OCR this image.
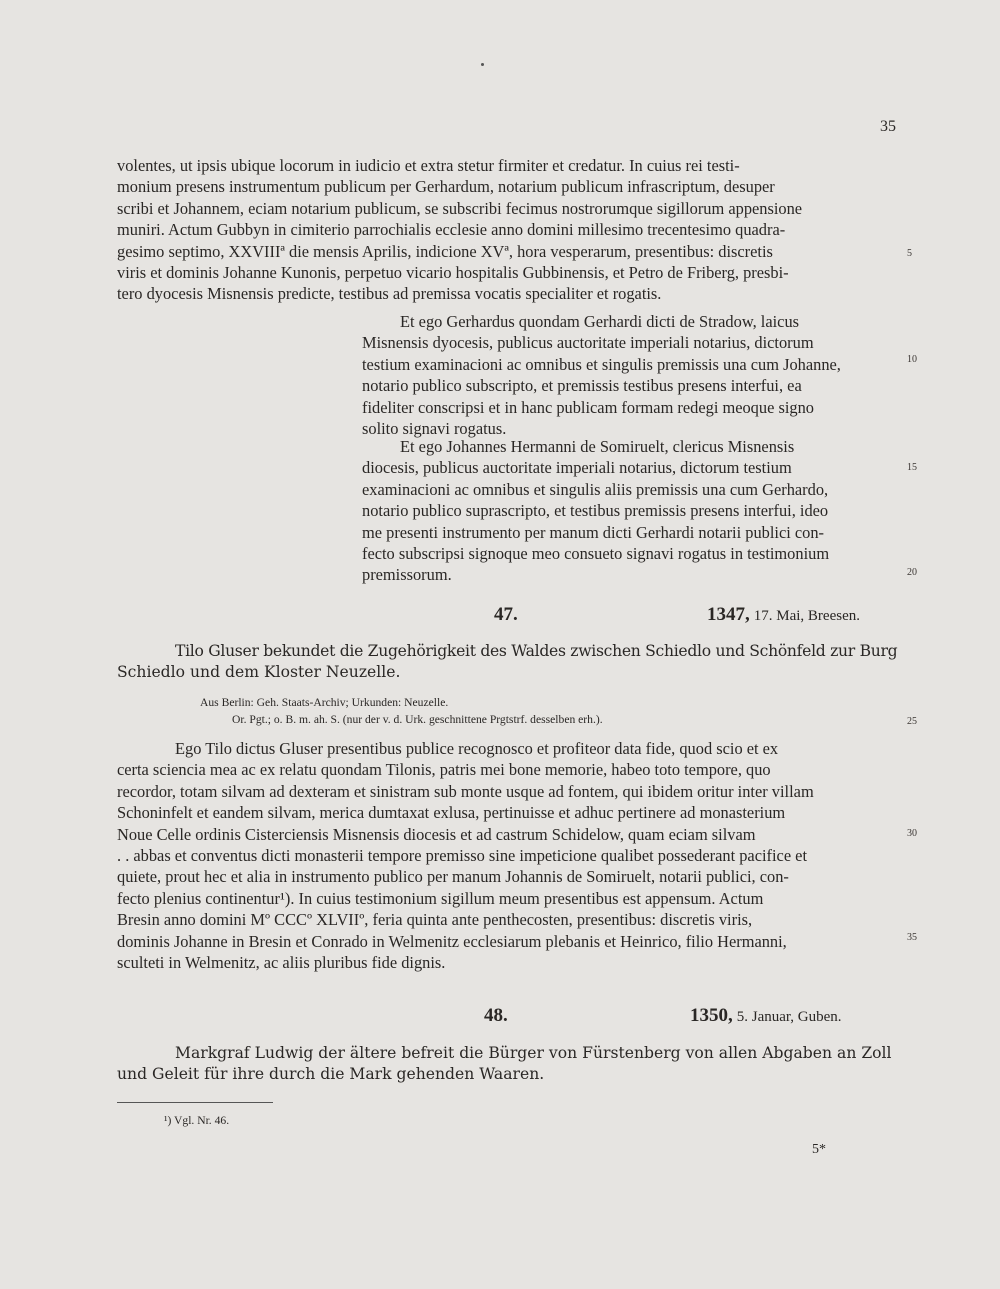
35
volentes, ut ipsis ubique locorum in iudicio et extra stetur firmiter et credatur. In cuius rei testi-
monium presens instrumentum publicum per Gerhardum, notarium publicum infrascriptum, desuper
scribi et Johannem, eciam notarium publicum, se subscribi fecimus nostrorumque sigillorum appensione
muniri. Actum Gubbyn in cimiterio parrochialis ecclesie anno domini millesimo trecentesimo quadra-
gesimo septimo, XXVIIIª die mensis Aprilis, indicione XVª, hora vesperarum, presentibus: discretis
viris et dominis Johanne Kunonis, perpetuo vicario hospitalis Gubbinensis, et Petro de Friberg, presbi-
tero dyocesis Misnensis predicte, testibus ad premissa vocatis specialiter et rogatis.
Et ego Gerhardus quondam Gerhardi dicti de Stradow, laicus
Misnensis dyocesis, publicus auctoritate imperiali notarius, dictorum
testium examinacioni ac omnibus et singulis premissis una cum Johanne,
notario publico subscripto, et premissis testibus presens interfui, ea
fideliter conscripsi et in hanc publicam formam redegi meoque signo
solito signavi rogatus.
Et ego Johannes Hermanni de Somiruelt, clericus Misnensis
diocesis, publicus auctoritate imperiali notarius, dictorum testium
examinacioni ac omnibus et singulis aliis premissis una cum Gerhardo,
notario publico suprascripto, et testibus premissis presens interfui, ideo
me presenti instrumento per manum dicti Gerhardi notarii publici con-
fecto subscripsi signoque meo consueto signavi rogatus in testimonium
premissorum.
47.	1347, 17. Mai, Breesen.
Tilo Gluser bekundet die Zugehörigkeit des Waldes zwischen Schiedlo und Schönfeld zur Burg
Schiedlo und dem Kloster Neuzelle.
Aus Berlin: Geh. Staats-Archiv; Urkunden: Neuzelle.
Or. Pgt.; o. B. m. ah. S. (nur der v. d. Urk. geschnittene Prgtstrf. desselben erh.).
Ego Tilo dictus Gluser presentibus publice recognosco et profiteor data fide, quod scio et ex
certa sciencia mea ac ex relatu quondam Tilonis, patris mei bone memorie, habeo toto tempore, quo
recordor, totam silvam ad dexteram et sinistram sub monte usque ad fontem, qui ibidem oritur inter villam
Schoninfelt et eandem silvam, merica dumtaxat exlusa, pertinuisse et adhuc pertinere ad monasterium
Noue Celle ordinis Cisterciensis Misnensis diocesis et ad castrum Schidelow, quam eciam silvam
. . abbas et conventus dicti monasterii tempore premisso sine impeticione qualibet possederant pacifice et
quiete, prout hec et alia in instrumento publico per manum Johannis de Somiruelt, notarii publici, con-
fecto plenius continentur¹). In cuius testimonium sigillum meum presentibus est appensum. Actum
Bresin anno domini Mº CCCº XLVIIº, feria quinta ante penthecosten, presentibus: discretis viris,
dominis Johanne in Bresin et Conrado in Welmenitz ecclesiarum plebanis et Heinrico, filio Hermanni,
sculteti in Welmenitz, ac aliis pluribus fide dignis.
48.	1350, 5. Januar, Guben.
Markgraf Ludwig der ältere befreit die Bürger von Fürstenberg von allen Abgaben an Zoll
und Geleit für ihre durch die Mark gehenden Waaren.
¹) Vgl. Nr. 46.
5*
5
10
15
20
25
30
35
